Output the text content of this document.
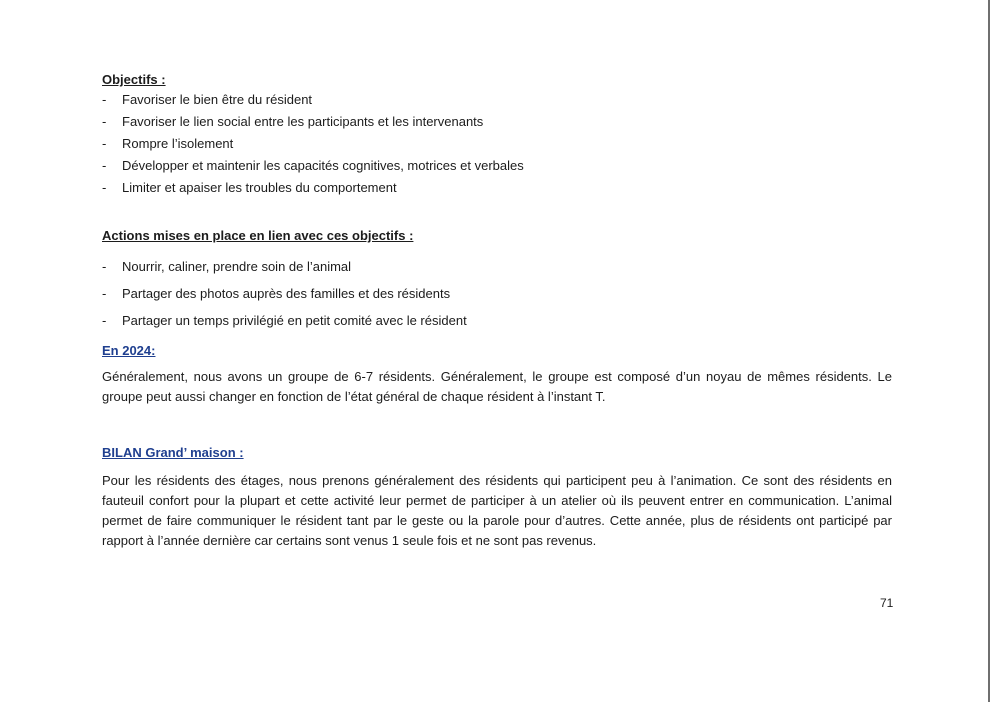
Objectifs :

- Favoriser le bien être du résident
- Favoriser le lien social entre les participants et les intervenants
- Rompre l’isolement
- Développer et maintenir les capacités cognitives, motrices et verbales
- Limiter et apaiser les troubles du comportement

Actions mises en place en lien avec ces objectifs :

- Nourrir, caliner, prendre soin de l’animal
- Partager des photos auprès des familles et des résidents
- Partager un temps privilégié en petit comité avec le résident

En 2024:

Généralement, nous avons un groupe de 6-7 résidents. Généralement, le groupe est composé d’un noyau de mêmes résidents. Le groupe peut aussi changer en fonction de l’état général de chaque résident à l’instant T.

BILAN Grand’ maison :

Pour les résidents des étages, nous prenons généralement des résidents qui participent peu à l’animation. Ce sont des résidents en fauteuil confort pour la plupart et cette activité leur permet de participer à un atelier où ils peuvent entrer en communication. L’animal permet de faire communiquer le résident tant par le geste ou la parole pour d’autres. Cette année, plus de résidents ont participé par rapport à l’année dernière car certains sont venus 1 seule fois et ne sont pas revenus.

71
